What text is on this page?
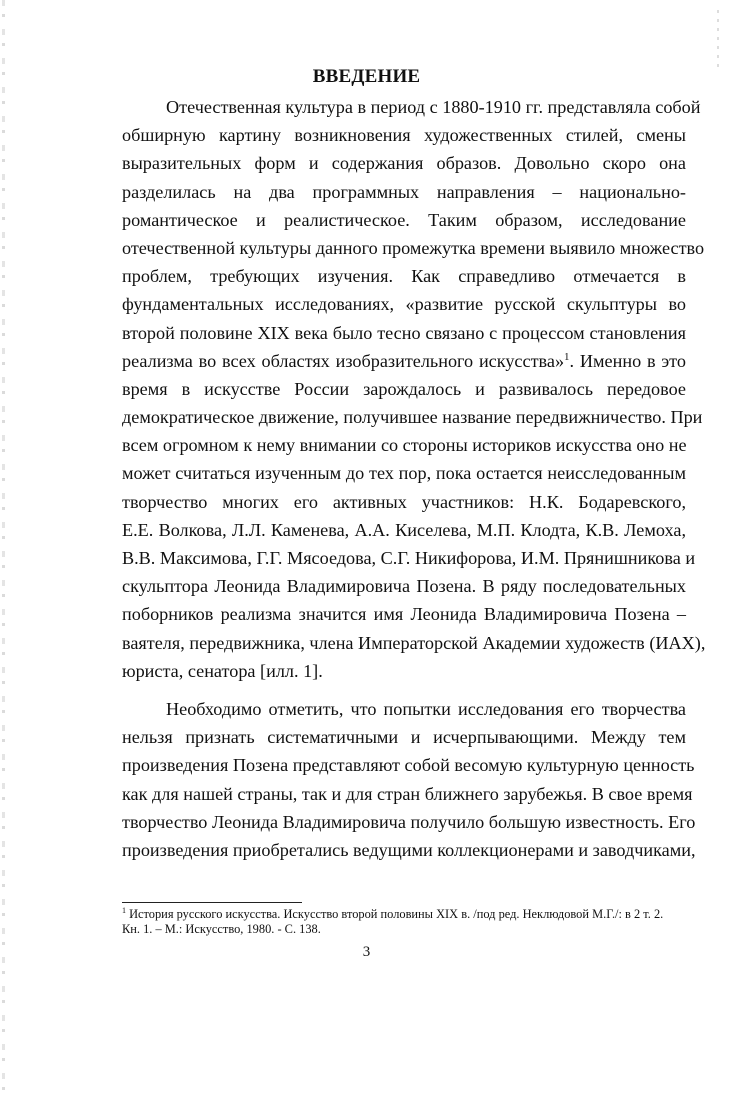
ВВЕДЕНИЕ
Отечественная культура в период с 1880-1910 гг. представляла собой
обширную картину возникновения художественных стилей, смены
выразительных форм и содержания образов. Довольно скоро она
разделилась на два программных направления – национально-
романтическое и реалистическое. Таким образом, исследование
отечественной культуры данного промежутка времени выявило множество
проблем, требующих изучения. Как справедливо отмечается в
фундаментальных исследованиях, «развитие русской скульптуры во
второй половине XIX века было тесно связано с процессом становления
реализма во всех областях изобразительного искусства»$^1$. Именно в это
время в искусстве России зарождалось и развивалось передовое
демократическое движение, получившее название передвижничество. При
всем огромном к нему внимании со стороны историков искусства оно не
может считаться изученным до тех пор, пока остается неисследованным
творчество многих его активных участников: Н.К. Бодаревского,
Е.Е. Волкова, Л.Л. Каменева, А.А. Киселева, М.П. Клодта, К.В. Лемоха,
В.В. Максимова, Г.Г. Мясоедова, С.Г. Никифорова, И.М. Прянишникова и
скульптора Леонида Владимировича Позена. В ряду последовательных
поборников реализма значится имя Леонида Владимировича Позена –
ваятеля, передвижника, члена Императорской Академии художеств (ИАХ),
юриста, сенатора [илл. 1].
Необходимо отметить, что попытки исследования его творчества
нельзя признать систематичными и исчерпывающими. Между тем
произведения Позена представляют собой весомую культурную ценность
как для нашей страны, так и для стран ближнего зарубежья. В свое время
творчество Леонида Владимировича получило большую известность. Его
произведения приобретались ведущими коллекционерами и заводчиками,
$^1$ История русского искусства. Искусство второй половины XIX в. /под ред. Неклюдовой М.Г./: в 2 т. 2.
Кн. 1. – М.: Искусство, 1980. - С. 138.
3
